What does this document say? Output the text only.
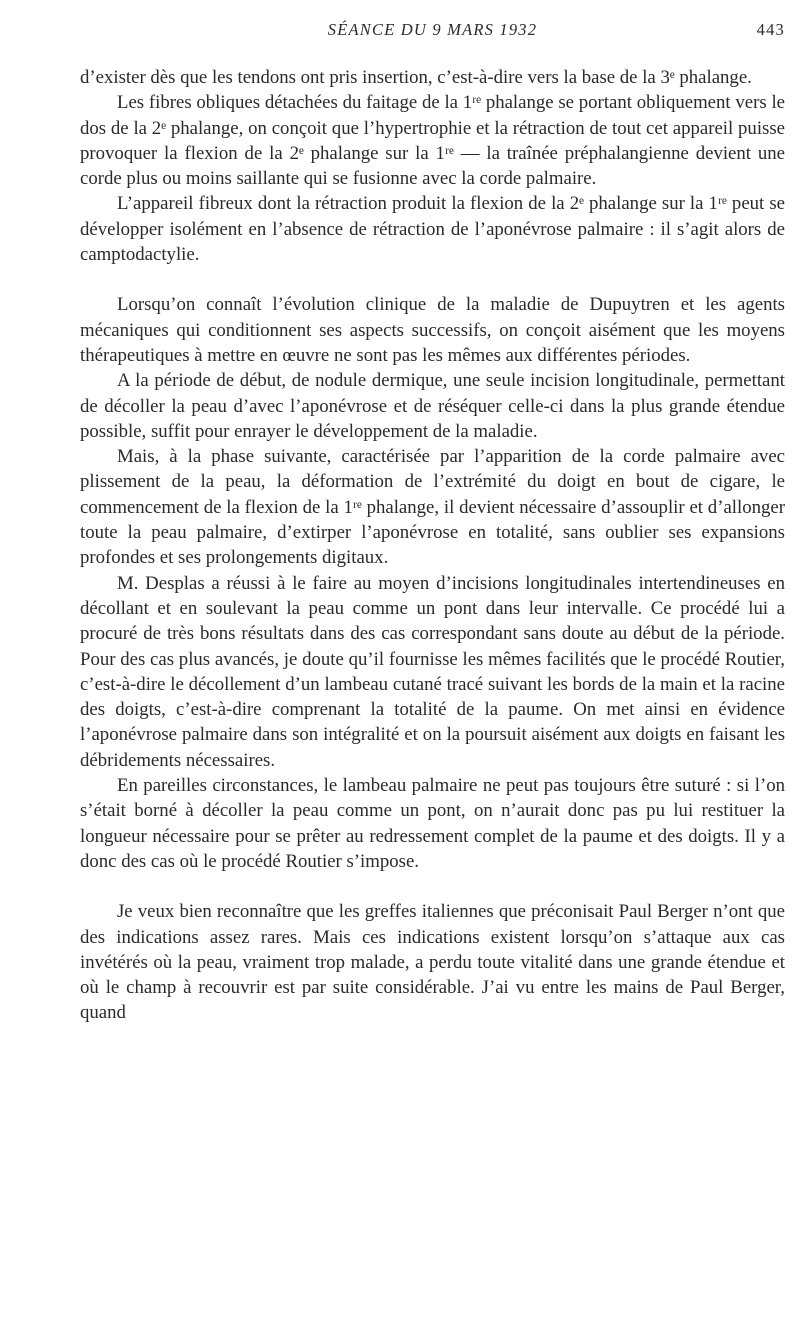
SÉANCE DU 9 MARS 1932	443

d’exister dès que les tendons ont pris insertion, c’est-à-dire vers la base de la 3ᵉ phalange.

Les fibres obliques détachées du faitage de la 1ʳᵉ phalange se portant obliquement vers le dos de la 2ᵉ phalange, on conçoit que l’hypertrophie et la rétraction de tout cet appareil puisse provoquer la flexion de la 2ᵉ phalange sur la 1ʳᵉ — la traînée préphalangienne devient une corde plus ou moins saillante qui se fusionne avec la corde palmaire.

L’appareil fibreux dont la rétraction produit la flexion de la 2ᵉ phalange sur la 1ʳᵉ peut se développer isolément en l’absence de rétraction de l’aponévrose palmaire : il s’agit alors de camptodactylie.

Lorsqu’on connaît l’évolution clinique de la maladie de Dupuytren et les agents mécaniques qui conditionnent ses aspects successifs, on conçoit aisément que les moyens thérapeutiques à mettre en œuvre ne sont pas les mêmes aux différentes périodes.

A la période de début, de nodule dermique, une seule incision longitudinale, permettant de décoller la peau d’avec l’aponévrose et de réséquer celle-ci dans la plus grande étendue possible, suffit pour enrayer le développement de la maladie.

Mais, à la phase suivante, caractérisée par l’apparition de la corde palmaire avec plissement de la peau, la déformation de l’extrémité du doigt en bout de cigare, le commencement de la flexion de la 1ʳᵉ phalange, il devient nécessaire d’assouplir et d’allonger toute la peau palmaire, d’extirper l’aponévrose en totalité, sans oublier ses expansions profondes et ses prolongements digitaux.

M. Desplas a réussi à le faire au moyen d’incisions longitudinales intertendineuses en décollant et en soulevant la peau comme un pont dans leur intervalle. Ce procédé lui a procuré de très bons résultats dans des cas correspondant sans doute au début de la période. Pour des cas plus avancés, je doute qu’il fournisse les mêmes facilités que le procédé Routier, c’est-à-dire le décollement d’un lambeau cutané tracé suivant les bords de la main et la racine des doigts, c’est-à-dire comprenant la totalité de la paume. On met ainsi en évidence l’aponévrose palmaire dans son intégralité et on la poursuit aisément aux doigts en faisant les débridements nécessaires.

En pareilles circonstances, le lambeau palmaire ne peut pas toujours être suturé : si l’on s’était borné à décoller la peau comme un pont, on n’aurait donc pas pu lui restituer la longueur nécessaire pour se prêter au redressement complet de la paume et des doigts. Il y a donc des cas où le procédé Routier s’impose.

Je veux bien reconnaître que les greffes italiennes que préconisait Paul Berger n’ont que des indications assez rares. Mais ces indications existent lorsqu’on s’attaque aux cas invétérés où la peau, vraiment trop malade, a perdu toute vitalité dans une grande étendue et où le champ à recouvrir est par suite considérable. J’ai vu entre les mains de Paul Berger, quand
